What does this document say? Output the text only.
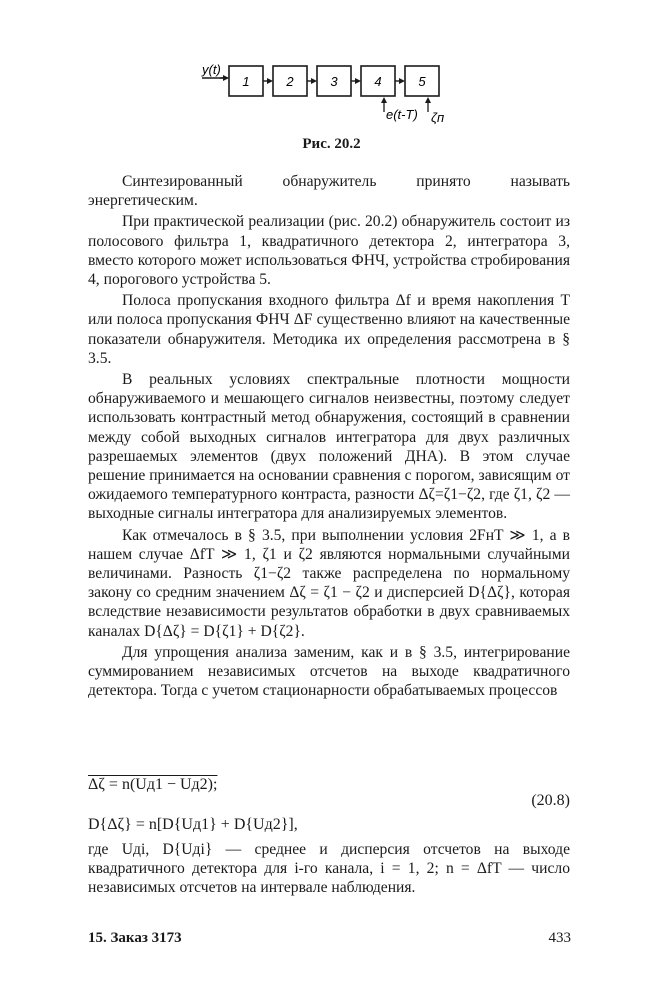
y(t)
1	2	3	4	5
e(t-T) ζп
Рис. 20.2

Синтезированный обнаружитель принято называть энергетическим.

При практической реализации (рис. 20.2) обнаружитель состоит из полосового фильтра 1, квадратичного детектора 2, интегратора 3, вместо которого может использоваться ФНЧ, устройства стробирования 4, порогового устройства 5.

Полоса пропускания входного фильтра Δf и время накопления T или полоса пропускания ФНЧ ΔF существенно влияют на качественные показатели обнаружителя. Методика их определения рассмотрена в § 3.5.

В реальных условиях спектральные плотности мощности обнаруживаемого и мешающего сигналов неизвестны, поэтому следует использовать контрастный метод обнаружения, состоящий в сравнении между собой выходных сигналов интегратора для двух различных разрешаемых элементов (двух положений ДНА). В этом случае решение принимается на основании сравнения с порогом, зависящим от ожидаемого температурного контраста, разности Δζ=ζ1−ζ2, где ζ1, ζ2 — выходные сигналы интегратора для анализируемых элементов.

Как отмечалось в § 3.5, при выполнении условия 2FнT ≫ 1, а в нашем случае ΔfT ≫ 1, ζ1 и ζ2 являются нормальными случайными величинами. Разность ζ1−ζ2 также распределена по нормальному закону со средним значением Δζ = ζ1 − ζ2 и дисперсией D{Δζ}, которая вследствие независимости результатов обработки в двух сравниваемых каналах D{Δζ} = D{ζ1} + D{ζ2}.

Для упрощения анализа заменим, как и в § 3.5, интегрирование суммированием независимых отсчетов на выходе квадратичного детектора. Тогда с учетом стационарности обрабатываемых процессов

Δζ = n(Uд1 − Uд2);
(20.8)
D{Δζ} = n[D{Uд1} + D{Uд2}],
где Uдi, D{Uдi} — среднее и дисперсия отсчетов на выходе квадратичного детектора для i-го канала, i = 1, 2; n = ΔfT — число независимых отсчетов на интервале наблюдения.
15. Заказ 3173	433
